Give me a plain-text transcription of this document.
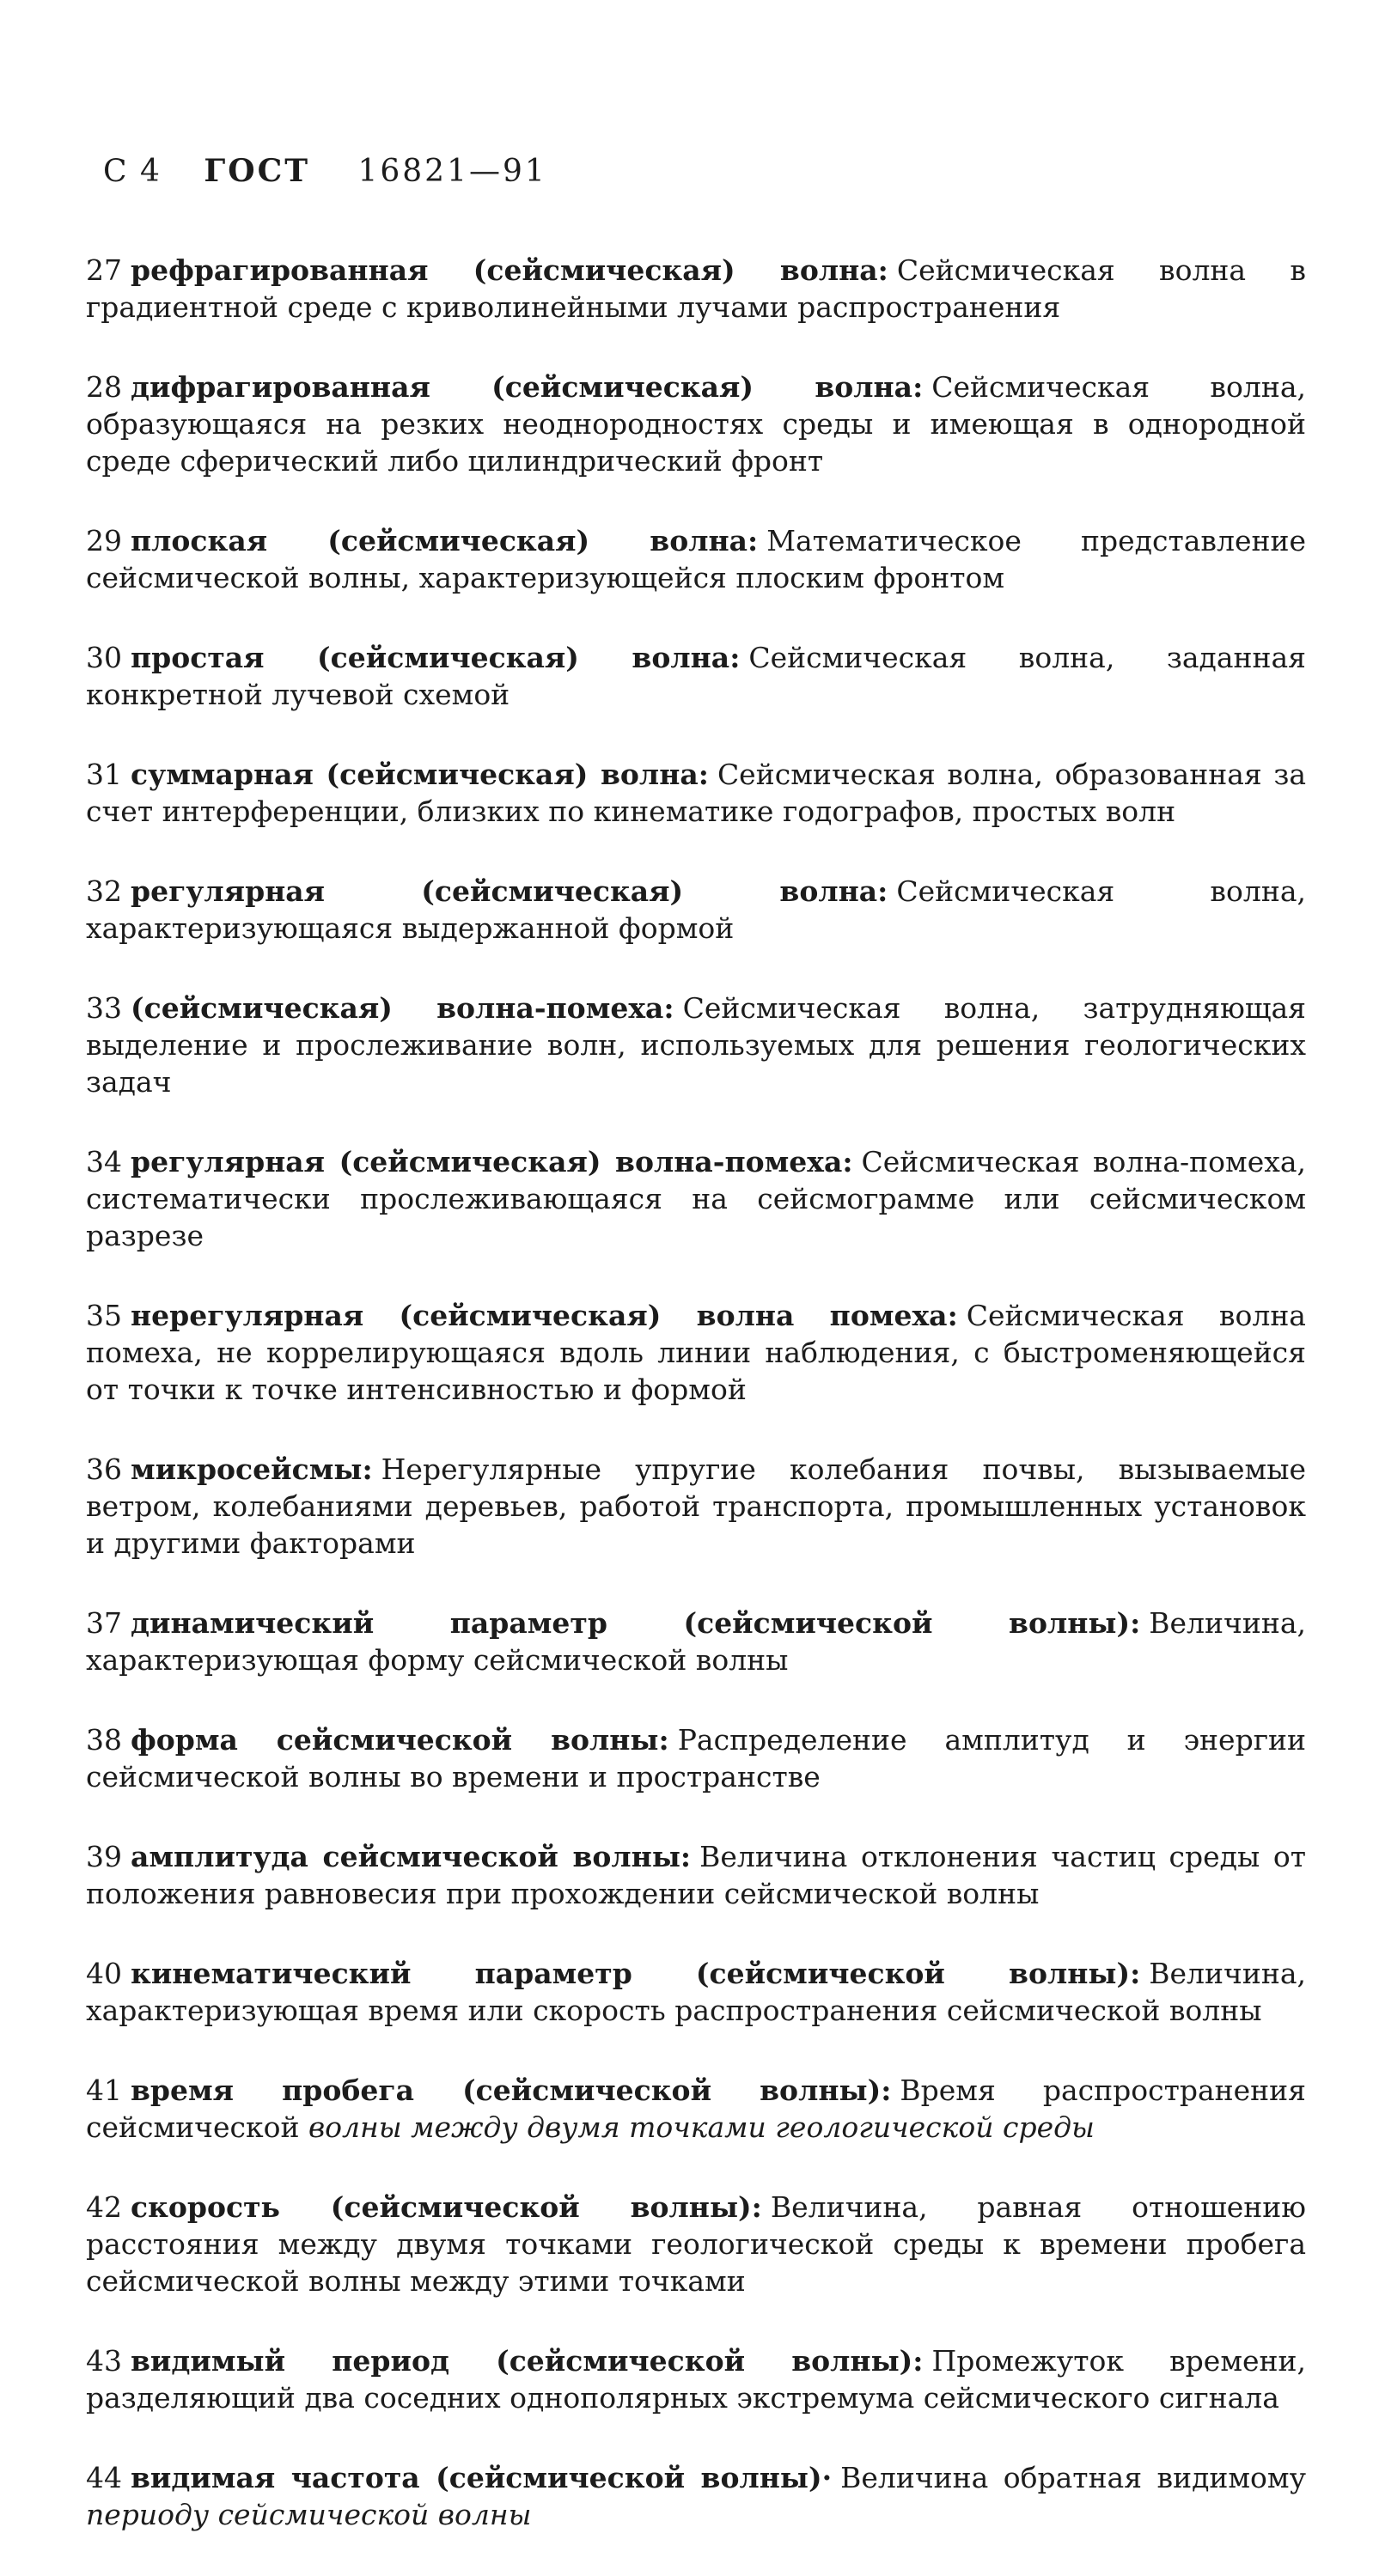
С 4 ГОСТ 16821—91

27 рефрагированная (сейсмическая) волна: Сейсмическая волна в градиентной среде с криволинейными лучами распространения

28 дифрагированная (сейсмическая) волна: Сейсмическая волна, образующаяся на резких неоднородностях среды и имеющая в однородной среде сферический либо цилиндрический фронт

29 плоская (сейсмическая) волна: Математическое представление сейсмической волны, характеризующейся плоским фронтом

30 простая (сейсмическая) волна: Сейсмическая волна, заданная конкретной лучевой схемой

31 суммарная (сейсмическая) волна: Сейсмическая волна, образованная за счет интерференции, близких по кинематике годографов, простых волн

32 регулярная (сейсмическая) волна: Сейсмическая волна, характеризующаяся выдержанной формой

33 (сейсмическая) волна-помеха: Сейсмическая волна, затрудняющая выделение и прослеживание волн, используемых для решения геологических задач

34 регулярная (сейсмическая) волна-помеха: Сейсмическая волна-помеха, систематически прослеживающаяся на сейсмограмме или сейсмическом разрезе

35 нерегулярная (сейсмическая) волна помеха: Сейсмическая волна помеха, не коррелирующаяся вдоль линии наблюдения, с быстроменяющейся от точки к точке интенсивностью и формой

36 микросейсмы: Нерегулярные упругие колебания почвы, вызываемые ветром, колебаниями деревьев, работой транспорта, промышленных установок и другими факторами

37 динамический параметр (сейсмической волны): Величина, характеризующая форму сейсмической волны

38 форма сейсмической волны: Распределение амплитуд и энергии сейсмической волны во времени и пространстве

39 амплитуда сейсмической волны: Величина отклонения частиц среды от положения равновесия при прохождении сейсмической волны

40 кинематический параметр (сейсмической волны): Величина, характеризующая время или скорость распространения сейсмической волны

41 время пробега (сейсмической волны): Время распространения сейсмической волны между двумя точками геологической среды

42 скорость (сейсмической волны): Величина, равная отношению расстояния между двумя точками геологической среды к времени пробега сейсмической волны между этими точками

43 видимый период (сейсмической волны): Промежуток времени, разделяющий два соседних однополярных экстремума сейсмического сигнала

44 видимая частота (сейсмической волны)· Величина обратная видимому периоду сейсмической волны
